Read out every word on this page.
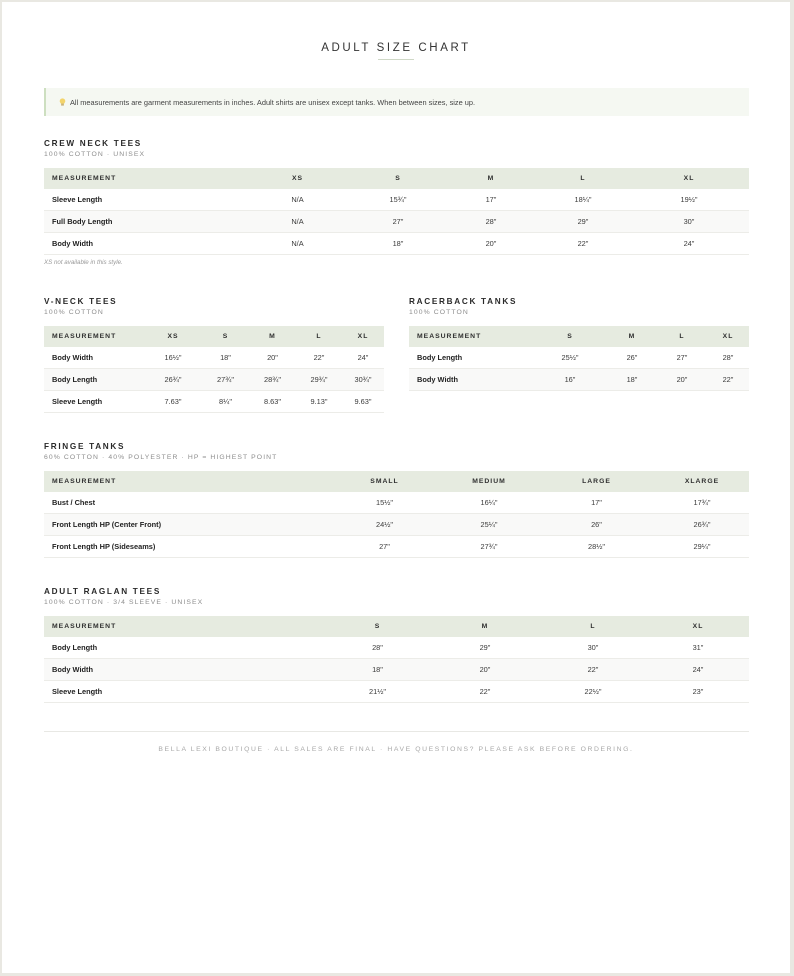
ADULT SIZE CHART
All measurements are garment measurements in inches. Adult shirts are unisex except tanks. When between sizes, size up.
CREW NECK TEES
100% COTTON · UNISEX
MEASUREMENT	XS	S	M	L	XL
Sleeve Length	N/A	15¾"	17"	18¼"	19½"
Full Body Length	N/A	27"	28"	29"	30"
Body Width	N/A	18"	20"	22"	24"
XS not available in this style.
V-NECK TEES
100% COTTON
MEASUREMENT	XS	S	M	L	XL
Body Width	16½"	18"	20"	22"	24"
Body Length	26¾"	27¾"	28¾"	29¾"	30¾"
Sleeve Length	7.63"	8¼"	8.63"	9.13"	9.63"
RACERBACK TANKS
100% COTTON
MEASUREMENT	S	M	L	XL
Body Length	25½"	26"	27"	28"
Body Width	16"	18"	20"	22"
FRINGE TANKS
60% COTTON · 40% POLYESTER · HP = HIGHEST POINT
MEASUREMENT	SMALL	MEDIUM	LARGE	XLARGE
Bust / Chest	15½"	16¼"	17"	17¾"
Front Length HP (Center Front)	24½"	25¼"	26"	26¾"
Front Length HP (Sideseams)	27"	27¾"	28½"	29¼"
ADULT RAGLAN TEES
100% COTTON · 3/4 SLEEVE · UNISEX
MEASUREMENT	S	M	L	XL
Body Length	28"	29"	30"	31"
Body Width	18"	20"	22"	24"
Sleeve Length	21½"	22"	22½"	23"
BELLA LEXI BOUTIQUE · ALL SALES ARE FINAL · HAVE QUESTIONS? PLEASE ASK BEFORE ORDERING.
